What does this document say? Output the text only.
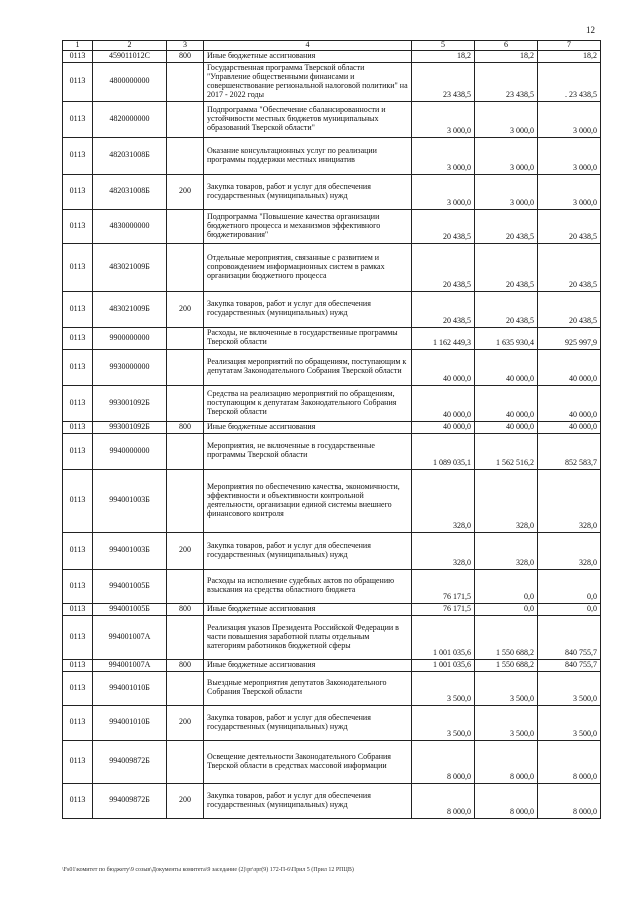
12
1	2	3	4	5	6	7
0113	459011012С	800	Иные бюджетные ассигнования	18,2	18,2	18,2
0113	4800000000		Государственная программа Тверской области "Управление общественными финансами и совершенствование региональной налоговой политики" на 2017 - 2022 годы	23 438,5	23 438,5	. 23 438,5
0113	4820000000		Подпрограмма "Обеспечение сбалансированности и устойчивости местных бюджетов муниципальных образований Тверской области"	3 000,0	3 000,0	3 000,0
0113	482031008Б		Оказание консультационных услуг по реализации программы поддержки местных инициатив	3 000,0	3 000,0	3 000,0
0113	482031008Б	200	Закупка товаров, работ и услуг для обеспечения государственных (муниципальных) нужд	3 000,0	3 000,0	3 000,0
0113	4830000000		Подпрограмма "Повышение качества организации бюджетного процесса и механизмов эффективного бюджетирования"	20 438,5	20 438,5	20 438,5
0113	483021009Б		Отдельные мероприятия, связанные с развитием и сопровождением информационных систем в рамках организации бюджетного процесса	20 438,5	20 438,5	20 438,5
0113	483021009Б	200	Закупка товаров, работ и услуг для обеспечения государственных (муниципальных) нужд	20 438,5	20 438,5	20 438,5
0113	9900000000		Расходы, не включенные в государственные программы Тверской области	1 162 449,3	1 635 930,4	925 997,9
0113	9930000000		Реализация мероприятий по обращениям, поступающим к депутатам Законодательного Собрания Тверской области	40 000,0	40 000,0	40 000,0
0113	993001092Б		Средства на реализацию мероприятий по обращениям, поступающим к депутатам Законодательного Собрания Тверской области	40 000,0	40 000,0	40 000,0
0113	993001092Б	800	Иные бюджетные ассигнования	40 000,0	40 000,0	40 000,0
0113	9940000000		Мероприятия, не включенные в государственные программы Тверской области	1 089 035,1	1 562 516,2	852 583,7
0113	994001003Б		Мероприятия по обеспечению качества, экономичности, эффективности и объективности контрольной деятельности, организации единой системы внешнего финансового контроля	328,0	328,0	328,0
0113	994001003Б	200	Закупка товаров, работ и услуг для обеспечения государственных (муниципальных) нужд	328,0	328,0	328,0
0113	994001005Б		Расходы на исполнение судебных актов по обращению взыскания на средства областного бюджета	76 171,5	0,0	0,0
0113	994001005Б	800	Иные бюджетные ассигнования	76 171,5	0,0	0,0
0113	994001007А		Реализация указов Президента Российской Федерации в части повышения заработной платы отдельным категориям работников бюджетной сферы	1 001 035,6	1 550 688,2	840 755,7
0113	994001007А	800	Иные бюджетные ассигнования	1 001 035,6	1 550 688,2	840 755,7
0113	994001010Б		Выездные мероприятия депутатов Законодательного Собрания Тверской области	3 500,0	3 500,0	3 500,0
0113	994001010Б	200	Закупка товаров, работ и услуг для обеспечения государственных (муниципальных) нужд	3 500,0	3 500,0	3 500,0
0113	994009872Б		Освещение деятельности Законодательного Собрания Тверской области в средствах массовой информации	8 000,0	8 000,0	8 000,0
0113	994009872Б	200	Закупка товаров, работ и услуг для обеспечения государственных (муниципальных) нужд	8 000,0	8 000,0	8 000,0
\Fs01\комитет по бюджету\9 созыв\Документы комитета\9 заседание (2)\рr\зрr(9) 172-П-6\Прил 5 (Прил 12 РПЦВ)
